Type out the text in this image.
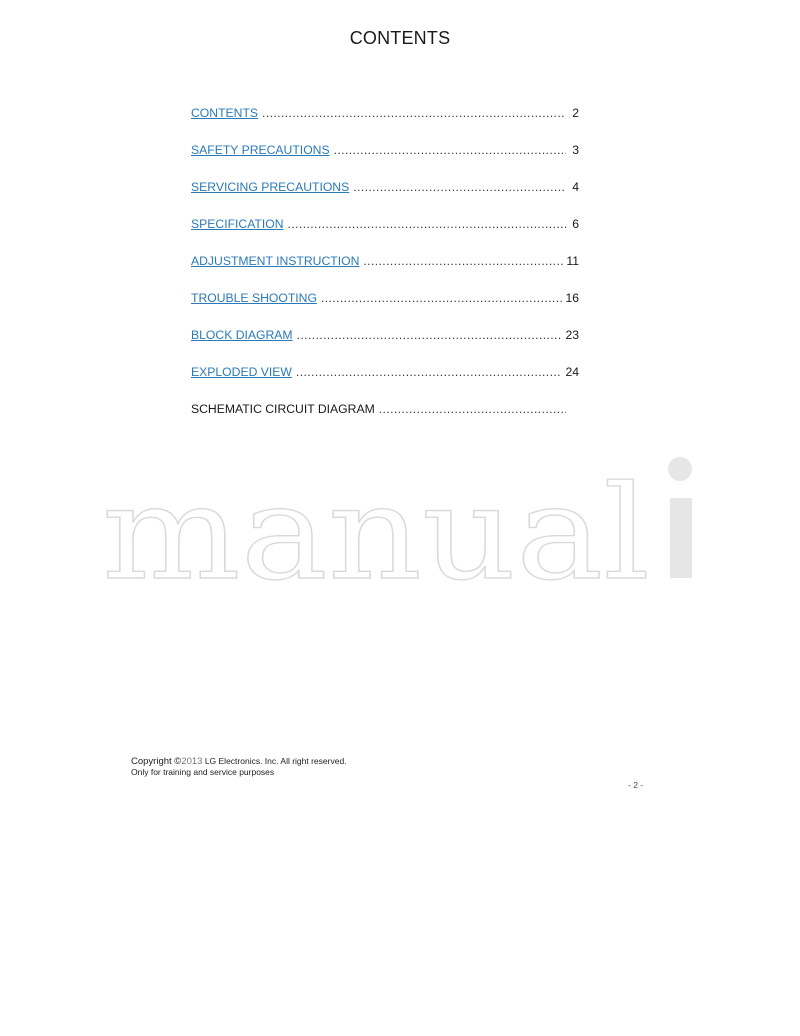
CONTENTS
CONTENTS .....	2
SAFETY PRECAUTIONS .....	3
SERVICING PRECAUTIONS .....	4
SPECIFICATION .....	6
ADJUSTMENT INSTRUCTION .....	11
TROUBLE SHOOTING .....	16
BLOCK DIAGRAM .....	23
EXPLODED VIEW .....	24
SCHEMATIC CIRCUIT DIAGRAM
.....
manual
Copyright ©2013 LG Electronics. Inc. All right reserved.
Only for training and service purposes
- 2 -
